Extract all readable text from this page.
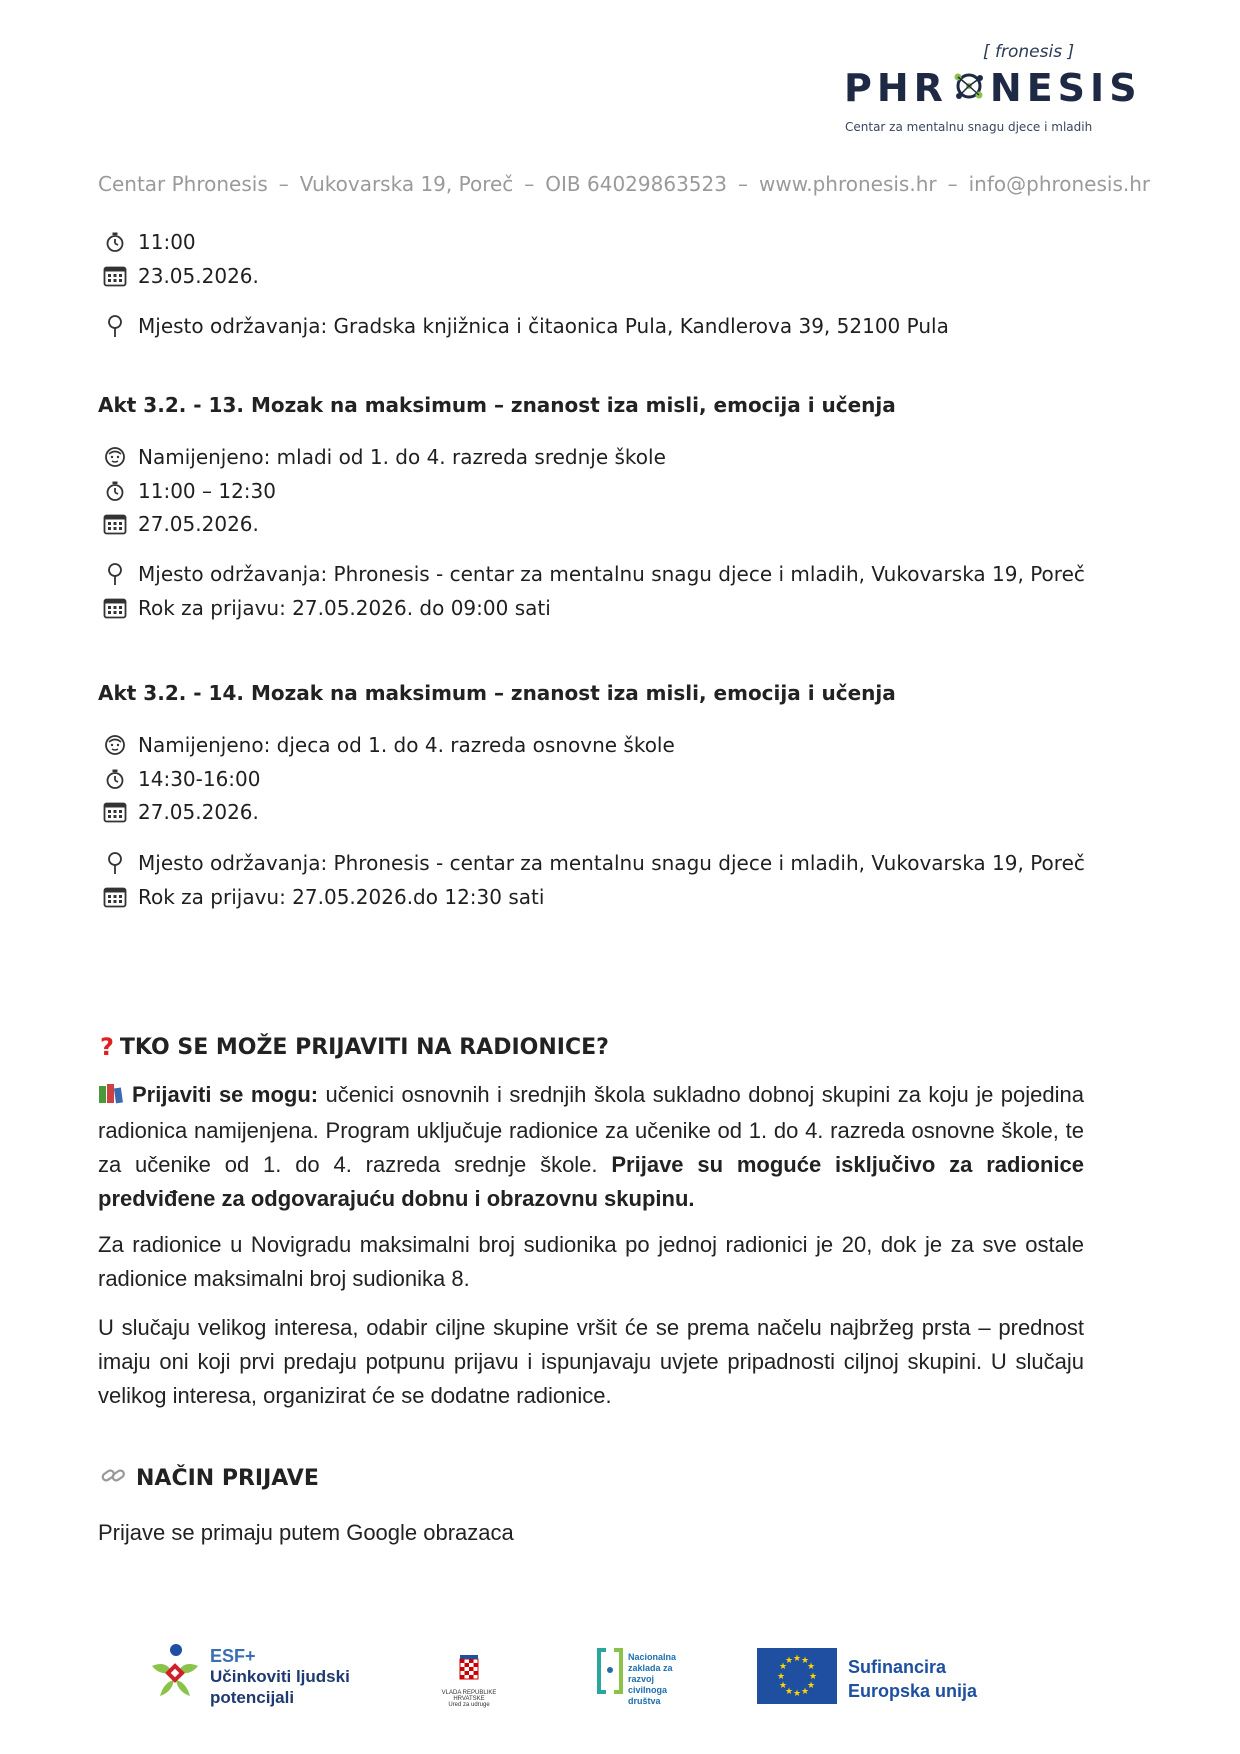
[ fronesis ]
PHR NESIS
Centar za mentalnu snagu djece i mladih
Centar Phronesis – Vukovarska 19, Poreč – OIB 64029863523 – www.phronesis.hr – info@phronesis.hr
11:00
23.05.2026.
Mjesto održavanja: Gradska knjižnica i čitaonica Pula, Kandlerova 39, 52100 Pula
Akt 3.2. - 13. Mozak na maksimum – znanost iza misli, emocija i učenja
Namijenjeno: mladi od 1. do 4. razreda srednje škole
11:00 – 12:30
27.05.2026.
Mjesto održavanja: Phronesis - centar za mentalnu snagu djece i mladih, Vukovarska 19, Poreč
Rok za prijavu: 27.05.2026. do 09:00 sati
Akt 3.2. - 14. Mozak na maksimum – znanost iza misli, emocija i učenja
Namijenjeno: djeca od 1. do 4. razreda osnovne škole
14:30-16:00
27.05.2026.
Mjesto održavanja: Phronesis - centar za mentalnu snagu djece i mladih, Vukovarska 19, Poreč
Rok za prijavu: 27.05.2026.do 12:30 sati
? TKO SE MOŽE PRIJAVITI NA RADIONICE?
Prijaviti se mogu: učenici osnovnih i srednjih škola sukladno dobnoj skupini za koju je pojedina radionica namijenjena. Program uključuje radionice za učenike od 1. do 4. razreda osnovne škole, te za učenike od 1. do 4. razreda srednje škole. Prijave su moguće isključivo za radionice predviđene za odgovarajuću dobnu i obrazovnu skupinu.
Za radionice u Novigradu maksimalni broj sudionika po jednoj radionici je 20, dok je za sve ostale radionice maksimalni broj sudionika 8.
U slučaju velikog interesa, odabir ciljne skupine vršit će se prema načelu najbržeg prsta – prednost imaju oni koji prvi predaju potpunu prijavu i ispunjavaju uvjete pripadnosti ciljnoj skupini. U slučaju velikog interesa, organizirat će se dodatne radionice.
NAČIN PRIJAVE
Prijave se primaju putem Google obrazaca
ESF+
Učinkoviti ljudski
potencijali	VLADA REPUBLIKE HRVATSKE
Ured za udruge
Nacionalna
zaklada za
razvoj
civilnoga
društva
★ ★
★
★
★
★
★
★
★
★
★
★	Sufinancira
Europska unija
